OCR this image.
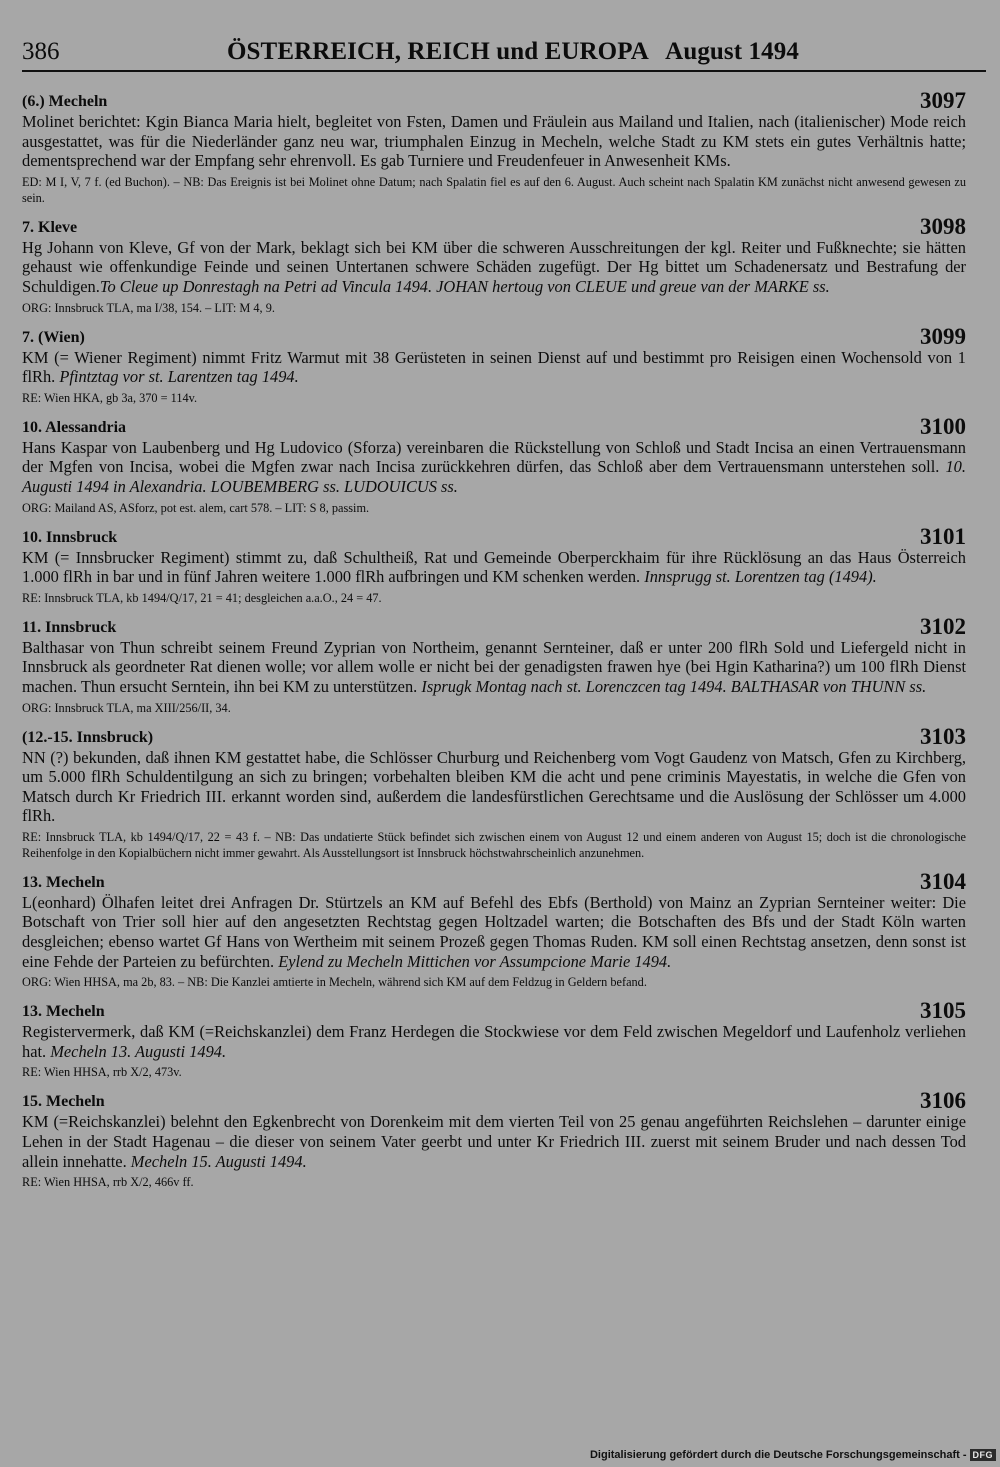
386	ÖSTERREICH, REICH und EUROPA   August 1494
(6.) Mecheln	3097
Molinet berichtet: Kgin Bianca Maria hielt, begleitet von Fsten, Damen und Fräulein aus Mailand und Italien, nach (italienischer) Mode reich ausgestattet, was für die Niederländer ganz neu war, triumphalen Einzug in Mecheln, welche Stadt zu KM stets ein gutes Verhältnis hatte; dementsprechend war der Empfang sehr ehrenvoll. Es gab Turniere und Freudenfeuer in Anwesenheit KMs.
ED: M I, V, 7 f. (ed Buchon). – NB: Das Ereignis ist bei Molinet ohne Datum; nach Spalatin fiel es auf den 6. August. Auch scheint nach Spalatin KM zunächst nicht anwesend gewesen zu sein.
7. Kleve	3098
Hg Johann von Kleve, Gf von der Mark, beklagt sich bei KM über die schweren Ausschreitungen der kgl. Reiter und Fußknechte; sie hätten gehaust wie offenkundige Feinde und seinen Untertanen schwere Schäden zugefügt. Der Hg bittet um Schadenersatz und Bestrafung der Schuldigen.To Cleue up Donrestagh na Petri ad Vincula 1494. JOHAN hertoug von CLEUE und greue van der MARKE ss.
ORG: Innsbruck TLA, ma I/38, 154. – LIT: M 4, 9.
7. (Wien)	3099
KM (= Wiener Regiment) nimmt Fritz Warmut mit 38 Gerüsteten in seinen Dienst auf und bestimmt pro Reisigen einen Wochensold von 1 flRh. Pfintztag vor st. Larentzen tag 1494.
RE: Wien HKA, gb 3a, 370 = 114v.
10. Alessandria	3100
Hans Kaspar von Laubenberg und Hg Ludovico (Sforza) vereinbaren die Rückstellung von Schloß und Stadt Incisa an einen Vertrauensmann der Mgfen von Incisa, wobei die Mgfen zwar nach Incisa zurückkehren dürfen, das Schloß aber dem Vertrauensmann unterstehen soll. 10. Augusti 1494 in Alexandria. LOUBEMBERG ss. LUDOUICUS ss.
ORG: Mailand AS, ASforz, pot est. alem, cart 578. – LIT: S 8, passim.
10. Innsbruck	3101
KM (= Innsbrucker Regiment) stimmt zu, daß Schultheiß, Rat und Gemeinde Oberperckhaim für ihre Rücklösung an das Haus Österreich 1.000 flRh in bar und in fünf Jahren weitere 1.000 flRh aufbringen und KM schenken werden. Innsprugg st. Lorentzen tag (1494).
RE: Innsbruck TLA, kb 1494/Q/17, 21 = 41; desgleichen a.a.O., 24 = 47.
11. Innsbruck	3102
Balthasar von Thun schreibt seinem Freund Zyprian von Northeim, genannt Sernteiner, daß er unter 200 flRh Sold und Liefergeld nicht in Innsbruck als geordneter Rat dienen wolle; vor allem wolle er nicht bei der genadigsten frawen hye (bei Hgin Katharina?) um 100 flRh Dienst machen. Thun ersucht Serntein, ihn bei KM zu unterstützen. Isprugk Montag nach st. Lorenczcen tag 1494. BALTHASAR von THUNN ss.
ORG: Innsbruck TLA, ma XIII/256/II, 34.
(12.-15. Innsbruck)	3103
NN (?) bekunden, daß ihnen KM gestattet habe, die Schlösser Churburg und Reichenberg vom Vogt Gaudenz von Matsch, Gfen zu Kirchberg, um 5.000 flRh Schuldentilgung an sich zu bringen; vorbehalten bleiben KM die acht und pene criminis Mayestatis, in welche die Gfen von Matsch durch Kr Friedrich III. erkannt worden sind, außerdem die landesfürstlichen Gerechtsame und die Auslösung der Schlösser um 4.000 flRh.
RE: Innsbruck TLA, kb 1494/Q/17, 22 = 43 f. – NB: Das undatierte Stück befindet sich zwischen einem von August 12 und einem anderen von August 15; doch ist die chronologische Reihenfolge in den Kopialbüchern nicht immer gewahrt. Als Ausstellungsort ist Innsbruck höchstwahrscheinlich anzunehmen.
13. Mecheln	3104
L(eonhard) Ölhafen leitet drei Anfragen Dr. Stürtzels an KM auf Befehl des Ebfs (Berthold) von Mainz an Zyprian Sernteiner weiter: Die Botschaft von Trier soll hier auf den angesetzten Rechtstag gegen Holtzadel warten; die Botschaften des Bfs und der Stadt Köln warten desgleichen; ebenso wartet Gf Hans von Wertheim mit seinem Prozeß gegen Thomas Ruden. KM soll einen Rechtstag ansetzen, denn sonst ist eine Fehde der Parteien zu befürchten. Eylend zu Mecheln Mittichen vor Assumpcione Marie 1494.
ORG: Wien HHSA, ma 2b, 83. – NB: Die Kanzlei amtierte in Mecheln, während sich KM auf dem Feldzug in Geldern befand.
13. Mecheln	3105
Registervermerk, daß KM (=Reichskanzlei) dem Franz Herdegen die Stockwiese vor dem Feld zwischen Megeldorf und Laufenholz verliehen hat. Mecheln 13. Augusti 1494.
RE: Wien HHSA, rrb X/2, 473v.
15. Mecheln	3106
KM (=Reichskanzlei) belehnt den Egkenbrecht von Dorenkeim mit dem vierten Teil von 25 genau angeführten Reichslehen – darunter einige Lehen in der Stadt Hagenau – die dieser von seinem Vater geerbt und unter Kr Friedrich III. zuerst mit seinem Bruder und nach dessen Tod allein innehatte. Mecheln 15. Augusti 1494.
RE: Wien HHSA, rrb X/2, 466v ff.
Digitalisierung gefördert durch die Deutsche Forschungsgemeinschaft - DFG
